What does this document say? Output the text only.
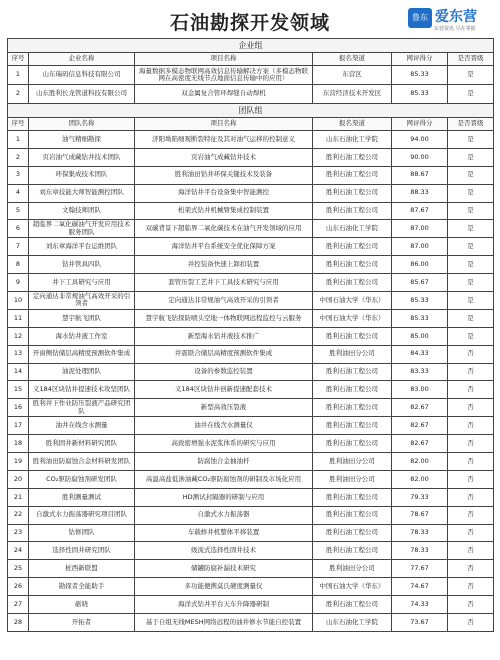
石油勘探开发领域	鲁东 爱东营
东营资讯 尽在掌握
企业组					
序号	企业名称	项目名称	报名渠道	网评得分	是否晋级
1	山东瑞码信息科技有限公司	海量数据多模态物联网高效信息传输解决方案（多模态物联网在高密度无线节点地面信息传输中的应用）	东营区	85.33	是
2	山东胜利长龙管道科技有限公司	双金属复合管环焊缝自动焊机	东营经济技术开发区	85.33	是
团队组					
序号	团队名称	项目名称	报名渠道	网评得分	是否晋级
1	油气精细勘探	济阳坳陷细观断裂特征及其对油气运移的控制意义	山东石油化工学院	94.00	是
2	页岩油气成藏钻井技术团队	页岩油气成藏钻井技术	胜利石油工程公司	90.00	是
3	环保集成技术团队	胜利油田钻井环保关键技术及装备	胜利石油工程公司	88.67	是
4	刘东章技能大师智能测控团队	海洋钻井平台设备集中智能测控	胜利石油工程公司	88.33	是
5	文翰技师团队	桁架式钻井机械臂集成控制装置	胜利石油工程公司	87.67	是
6	超临界二氧化碳油气开发应用技术服务团队	双碳背景下超临界二氧化碳技术在油气开发领域的应用	山东石油化工学院	87.00	是
7	刘东章海洋平台运维团队	海洋钻井平台系统安全优化保障方案	胜利石油工程公司	87.00	是
8	钻井管具四队	井控装备快速上卸扣装置	胜利石油工程公司	86.00	是
9	井下工具研究与应用	套管压裂工艺井下工具技术研究与应用	胜利石油工程公司	85.67	是
10	定向通达非常规油气高效开采的引领者	定向通达非常规油气高效开采的引领者	中国石油大学（华东）	85.33	是
11	慧宇航飞团队	慧宇航飞钻探防喷头空地一体物联网远程监控与云服务	中国石油大学（华东）	85.33	是
12	海水钻井液工作室	新型海水钻井液技术推广	胜利石油工程公司	85.00	是
13	开窗侧钻储层高精度预测软件集成	井震联合储层高精度预测软件集成	胜利油田分公司	84.33	否
14	油泥处理团队	设备的参数监控装置	胜利石油工程公司	83.33	否
15	义184区块钻井提速技术攻坚团队	义184区块钻井创新提速配套技术	胜利石油工程公司	83.00	否
16	胜利井下作业防压裂液产品研究团队	新型高效压裂液	胜利石油工程公司	82.67	否
17	油井在线含水测量	油井在线含水测量仪	胜利石油工程公司	82.67	否
18	胜利固井新材料研究团队	高致密增强水泥浆体系的研究与应用	胜利石油工程公司	82.67	否
19	胜利油田防腐蚀合金材料研发团队	防腐蚀合金抽油杆	胜利油田分公司	82.00	否
20	CO₂驱防腐蚀剂研发团队	高温高盐低渗油藏CO₂驱防腐蚀剂的研制及市场化应用	胜利油田分公司	82.00	否
21	胜利测量测试	HD测试封隔器的研制与应用	胜利石油工程公司	79.33	否
22	自激式水力振荡器研究项目团队	自激式水力振荡器	胜利石油工程公司	78.67	否
23	钻修团队	车载修井机整体平移装置	胜利石油工程公司	78.33	否
24	选择性固井研究团队	级流式选择性固井技术	胜利石油工程公司	78.33	否
25	桩西新联盟	储罐防腐补漏技术研究	胜利油田分公司	77.67	否
26	勘探者全能助手	多功能便携莫氏硬度测量仪	中国石油大学（华东）	74.67	否
27	砺晓	海洋式钻井平台天车升降器研制	胜利石油工程公司	74.33	否
28	开拓者	基于自组无线MESH网络远程的油井修水节能自控装置	山东石油化工学院	73.67	否
